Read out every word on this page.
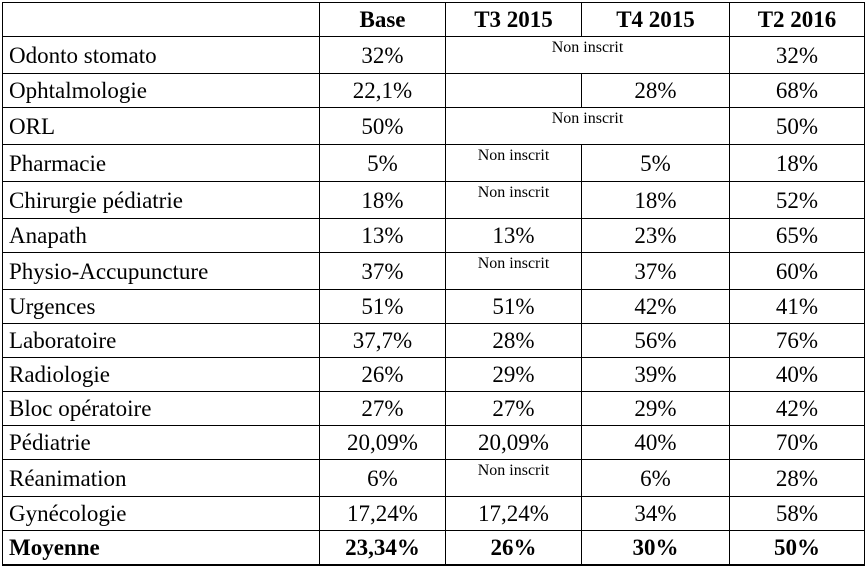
	Base	T3 2015	T4 2015	T2 2016
Odonto stomato	32%	Non inscrit		32%
Ophtalmologie	22,1%		28%	68%
ORL	50%	Non inscrit		50%
Pharmacie	5%	Non inscrit	5%	18%
Chirurgie pédiatrie	18%	Non inscrit	18%	52%
Anapath	13%	13%	23%	65%
Physio-Accupuncture	37%	Non inscrit	37%	60%
Urgences	51%	51%	42%	41%
Laboratoire	37,7%	28%	56%	76%
Radiologie	26%	29%	39%	40%
Bloc opératoire	27%	27%	29%	42%
Pédiatrie	20,09%	20,09%	40%	70%
Réanimation	6%	Non inscrit	6%	28%
Gynécologie	17,24%	17,24%	34%	58%
Moyenne	23,34%	26%	30%	50%
